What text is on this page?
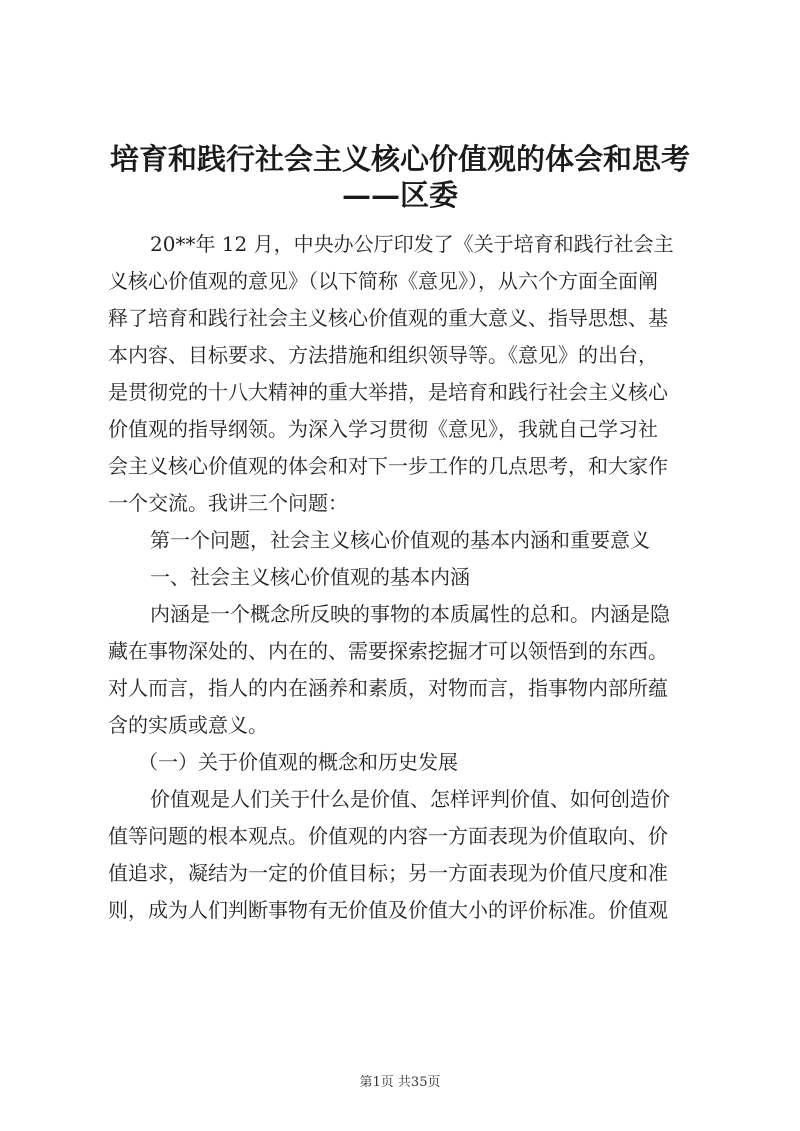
培育和践行社会主义核心价值观的体会和思考
——区委
20**年 12 月，中央办公厅印发了《关于培育和践行社会主
义核心价值观的意见》（以下简称《意见》），从六个方面全面阐
释了培育和践行社会主义核心价值观的重大意义、指导思想、基
本内容、目标要求、方法措施和组织领导等。《意见》的出台，
是贯彻党的十八大精神的重大举措，是培育和践行社会主义核心
价值观的指导纲领。为深入学习贯彻《意见》，我就自己学习社
会主义核心价值观的体会和对下一步工作的几点思考，和大家作
一个交流。我讲三个问题：
第一个问题，社会主义核心价值观的基本内涵和重要意义
一、社会主义核心价值观的基本内涵
内涵是一个概念所反映的事物的本质属性的总和。内涵是隐
藏在事物深处的、内在的、需要探索挖掘才可以领悟到的东西。
对人而言，指人的内在涵养和素质，对物而言，指事物内部所蕴
含的实质或意义。
（一）关于价值观的概念和历史发展
价值观是人们关于什么是价值、怎样评判价值、如何创造价
值等问题的根本观点。价值观的内容一方面表现为价值取向、价
值追求，凝结为一定的价值目标；另一方面表现为价值尺度和准
则，成为人们判断事物有无价值及价值大小的评价标准。价值观
第1页 共35页
